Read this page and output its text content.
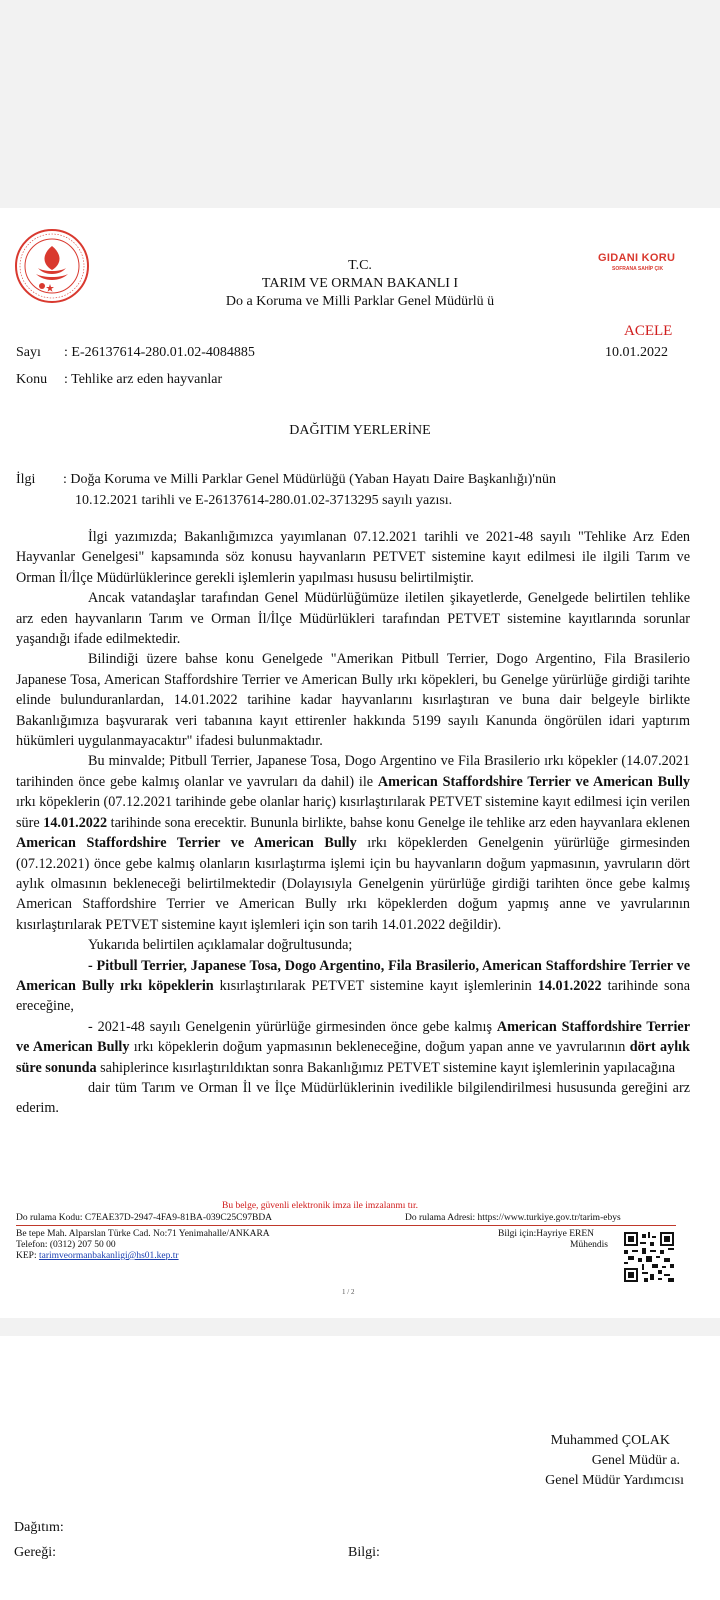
GIDANI KORU
SOFRANA SAHİP ÇIK
T.C.
TARIM VE ORMAN BAKANLI I
Do a Koruma ve Milli Parklar Genel Müdürlü ü
ACELE
10.01.2022
Sayı : E-26137614-280.01.02-4084885
Konu : Tehlike arz eden hayvanlar
DAĞITIM YERLERİNE
İlgi : Doğa Koruma ve Milli Parklar Genel Müdürlüğü (Yaban Hayatı Daire Başkanlığı)'nün
10.12.2021 tarihli ve E-26137614-280.01.02-3713295 sayılı yazısı.

İlgi yazımızda; Bakanlığımızca yayımlanan 07.12.2021 tarihli ve 2021-48 sayılı "Tehlike Arz Eden Hayvanlar Genelgesi" kapsamında söz konusu hayvanların PETVET sistemine kayıt edilmesi ile ilgili Tarım ve Orman İl/İlçe Müdürlüklerince gerekli işlemlerin yapılması hususu belirtilmiştir.

Ancak vatandaşlar tarafından Genel Müdürlüğümüze iletilen şikayetlerde, Genelgede belirtilen tehlike arz eden hayvanların Tarım ve Orman İl/İlçe Müdürlükleri tarafından PETVET sistemine kayıtlarında sorunlar yaşandığı ifade edilmektedir.

Bilindiği üzere bahse konu Genelgede "Amerikan Pitbull Terrier, Dogo Argentino, Fila Brasilerio Japanese Tosa, American Staffordshire Terrier ve American Bully ırkı köpekleri, bu Genelge yürürlüğe girdiği tarihte elinde bulunduranlardan, 14.01.2022 tarihine kadar hayvanlarını kısırlaştıran ve buna dair belgeyle birlikte Bakanlığımıza başvurarak veri tabanına kayıt ettirenler hakkında 5199 sayılı Kanunda öngörülen idari yaptırım hükümleri uygulanmayacaktır" ifadesi bulunmaktadır.

Bu minvalde; Pitbull Terrier, Japanese Tosa, Dogo Argentino ve Fila Brasilerio ırkı köpekler (14.07.2021 tarihinden önce gebe kalmış olanlar ve yavruları da dahil) ile American Staffordshire Terrier ve American Bully ırkı köpeklerin (07.12.2021 tarihinde gebe olanlar hariç) kısırlaştırılarak PETVET sistemine kayıt edilmesi için verilen süre 14.01.2022 tarihinde sona erecektir. Bununla birlikte, bahse konu Genelge ile tehlike arz eden hayvanlara eklenen American Staffordshire Terrier ve American Bully ırkı köpeklerden Genelgenin yürürlüğe girmesinden (07.12.2021) önce gebe kalmış olanların kısırlaştırma işlemi için bu hayvanların doğum yapmasının, yavruların dört aylık olmasının bekleneceği belirtilmektedir (Dolayısıyla Genelgenin yürürlüğe girdiği tarihten önce gebe kalmış American Staffordshire Terrier ve American Bully ırkı köpeklerden doğum yapmış anne ve yavrularının kısırlaştırılarak PETVET sistemine kayıt işlemleri için son tarih 14.01.2022 değildir).

Yukarıda belirtilen açıklamalar doğrultusunda;

- Pitbull Terrier, Japanese Tosa, Dogo Argentino, Fila Brasilerio, American Staffordshire Terrier ve American Bully ırkı köpeklerin kısırlaştırılarak PETVET sistemine kayıt işlemlerinin 14.01.2022 tarihinde sona ereceğine,

- 2021-48 sayılı Genelgenin yürürlüğe girmesinden önce gebe kalmış American Staffordshire Terrier ve American Bully ırkı köpeklerin doğum yapmasının bekleneceğine, doğum yapan anne ve yavrularının dört aylık süre sonunda sahiplerince kısırlaştırıldıktan sonra Bakanlığımız PETVET sistemine kayıt işlemlerinin yapılacağına

dair tüm Tarım ve Orman İl ve İlçe Müdürlüklerinin ivedilikle bilgilendirilmesi hususunda gereğini arz ederim.

Bu belge, güvenli elektronik imza ile imzalanmı tır.
Do rulama Kodu: C7EAE37D-2947-4FA9-81BA-039C25C97BDA	Do rulama Adresi: https://www.turkiye.gov.tr/tarim-ebys
Be tepe Mah. Alparslan Türke Cad. No:71 Yenimahalle/ANKARA
Telefon: (0312) 207 50 00
KEP: tarimveormanbakanligi@hs01.kep.tr
Bilgi için:Hayriye EREN
Mühendis
1 / 2
Muhammed ÇOLAK
Genel Müdür a.
Genel Müdür Yardımcısı
Dağıtım:
Gereği:	Bilgi:
